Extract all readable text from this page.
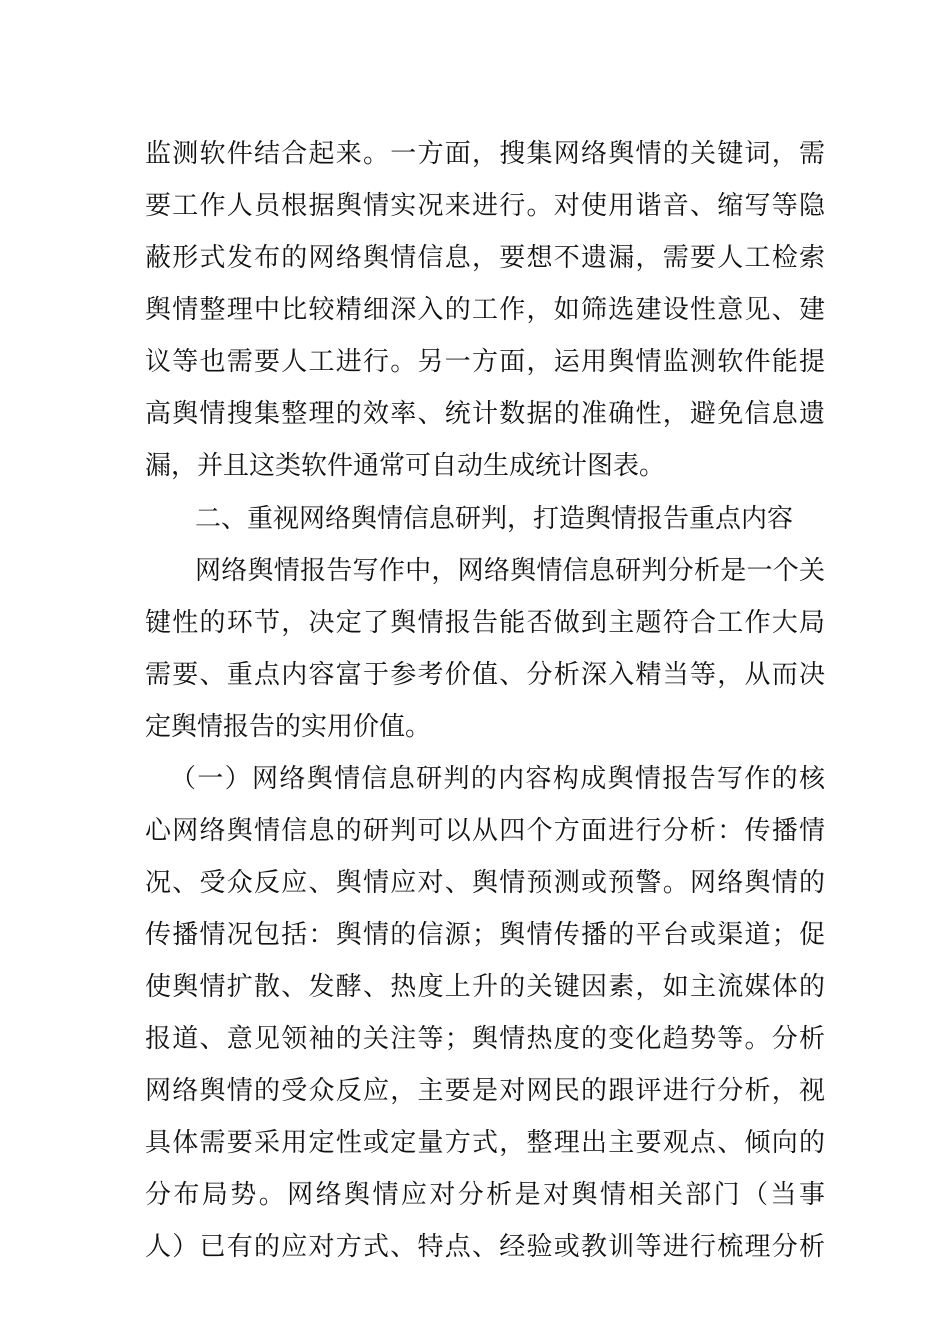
监测软件结合起来。一方面，搜集网络舆情的关键词，需
要工作人员根据舆情实况来进行。对使用谐音、缩写等隐
蔽形式发布的网络舆情信息，要想不遗漏，需要人工检索
舆情整理中比较精细深入的工作，如筛选建设性意见、建
议等也需要人工进行。另一方面，运用舆情监测软件能提
高舆情搜集整理的效率、统计数据的准确性，避免信息遗
漏，并且这类软件通常可自动生成统计图表。
二、重视网络舆情信息研判，打造舆情报告重点内容
网络舆情报告写作中，网络舆情信息研判分析是一个关
键性的环节，决定了舆情报告能否做到主题符合工作大局
需要、重点内容富于参考价值、分析深入精当等，从而决
定舆情报告的实用价值。
（一）网络舆情信息研判的内容构成舆情报告写作的核
心网络舆情信息的研判可以从四个方面进行分析：传播情
况、受众反应、舆情应对、舆情预测或预警。网络舆情的
传播情况包括：舆情的信源；舆情传播的平台或渠道；促
使舆情扩散、发酵、热度上升的关键因素，如主流媒体的
报道、意见领袖的关注等；舆情热度的变化趋势等。分析
网络舆情的受众反应，主要是对网民的跟评进行分析，视
具体需要采用定性或定量方式，整理出主要观点、倾向的
分布局势。网络舆情应对分析是对舆情相关部门（当事
人）已有的应对方式、特点、经验或教训等进行梳理分析
